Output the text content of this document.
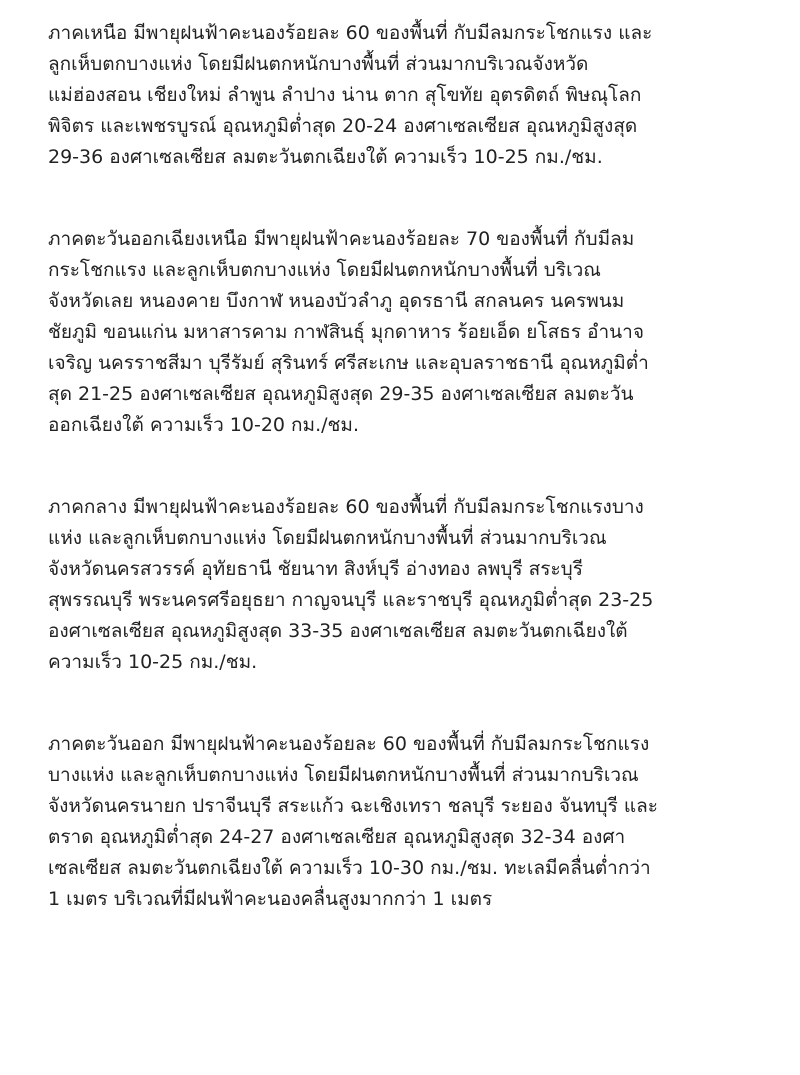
ภาคเหนือ มีพายุฝนฟ้าคะนองร้อยละ 60 ของพื้นที่ กับมีลมกระโชกแรง และ
ลูกเห็บตกบางแห่ง โดยมีฝนตกหนักบางพื้นที่ ส่วนมากบริเวณจังหวัด
แม่ฮ่องสอน เชียงใหม่ ลำพูน ลำปาง น่าน ตาก สุโขทัย อุตรดิตถ์ พิษณุโลก
พิจิตร และเพชรบูรณ์ อุณหภูมิต่ำสุด 20-24 องศาเซลเซียส อุณหภูมิสูงสุด
29-36 องศาเซลเซียส ลมตะวันตกเฉียงใต้ ความเร็ว 10-25 กม./ชม.

ภาคตะวันออกเฉียงเหนือ มีพายุฝนฟ้าคะนองร้อยละ 70 ของพื้นที่ กับมีลม
กระโชกแรง และลูกเห็บตกบางแห่ง โดยมีฝนตกหนักบางพื้นที่ บริเวณ
จังหวัดเลย หนองคาย บึงกาฬ หนองบัวลำภู อุดรธานี สกลนคร นครพนม
ชัยภูมิ ขอนแก่น มหาสารคาม กาฬสินธุ์ มุกดาหาร ร้อยเอ็ด ยโสธร อำนาจ
เจริญ นครราชสีมา บุรีรัมย์ สุรินทร์ ศรีสะเกษ และอุบลราชธานี อุณหภูมิต่ำ
สุด 21-25 องศาเซลเซียส อุณหภูมิสูงสุด 29-35 องศาเซลเซียส ลมตะวัน
ออกเฉียงใต้ ความเร็ว 10-20 กม./ชม.

ภาคกลาง มีพายุฝนฟ้าคะนองร้อยละ 60 ของพื้นที่ กับมีลมกระโชกแรงบาง
แห่ง และลูกเห็บตกบางแห่ง โดยมีฝนตกหนักบางพื้นที่ ส่วนมากบริเวณ
จังหวัดนครสวรรค์ อุทัยธานี ชัยนาท สิงห์บุรี อ่างทอง ลพบุรี สระบุรี
สุพรรณบุรี พระนครศรีอยุธยา กาญจนบุรี และราชบุรี อุณหภูมิต่ำสุด 23-25
องศาเซลเซียส อุณหภูมิสูงสุด 33-35 องศาเซลเซียส ลมตะวันตกเฉียงใต้
ความเร็ว 10-25 กม./ชม.

ภาคตะวันออก มีพายุฝนฟ้าคะนองร้อยละ 60 ของพื้นที่ กับมีลมกระโชกแรง
บางแห่ง และลูกเห็บตกบางแห่ง โดยมีฝนตกหนักบางพื้นที่ ส่วนมากบริเวณ
จังหวัดนครนายก ปราจีนบุรี สระแก้ว ฉะเชิงเทรา ชลบุรี ระยอง จันทบุรี และ
ตราด อุณหภูมิต่ำสุด 24-27 องศาเซลเซียส อุณหภูมิสูงสุด 32-34 องศา
เซลเซียส ลมตะวันตกเฉียงใต้ ความเร็ว 10-30 กม./ชม. ทะเลมีคลื่นต่ำกว่า
1 เมตร บริเวณที่มีฝนฟ้าคะนองคลื่นสูงมากกว่า 1 เมตร
